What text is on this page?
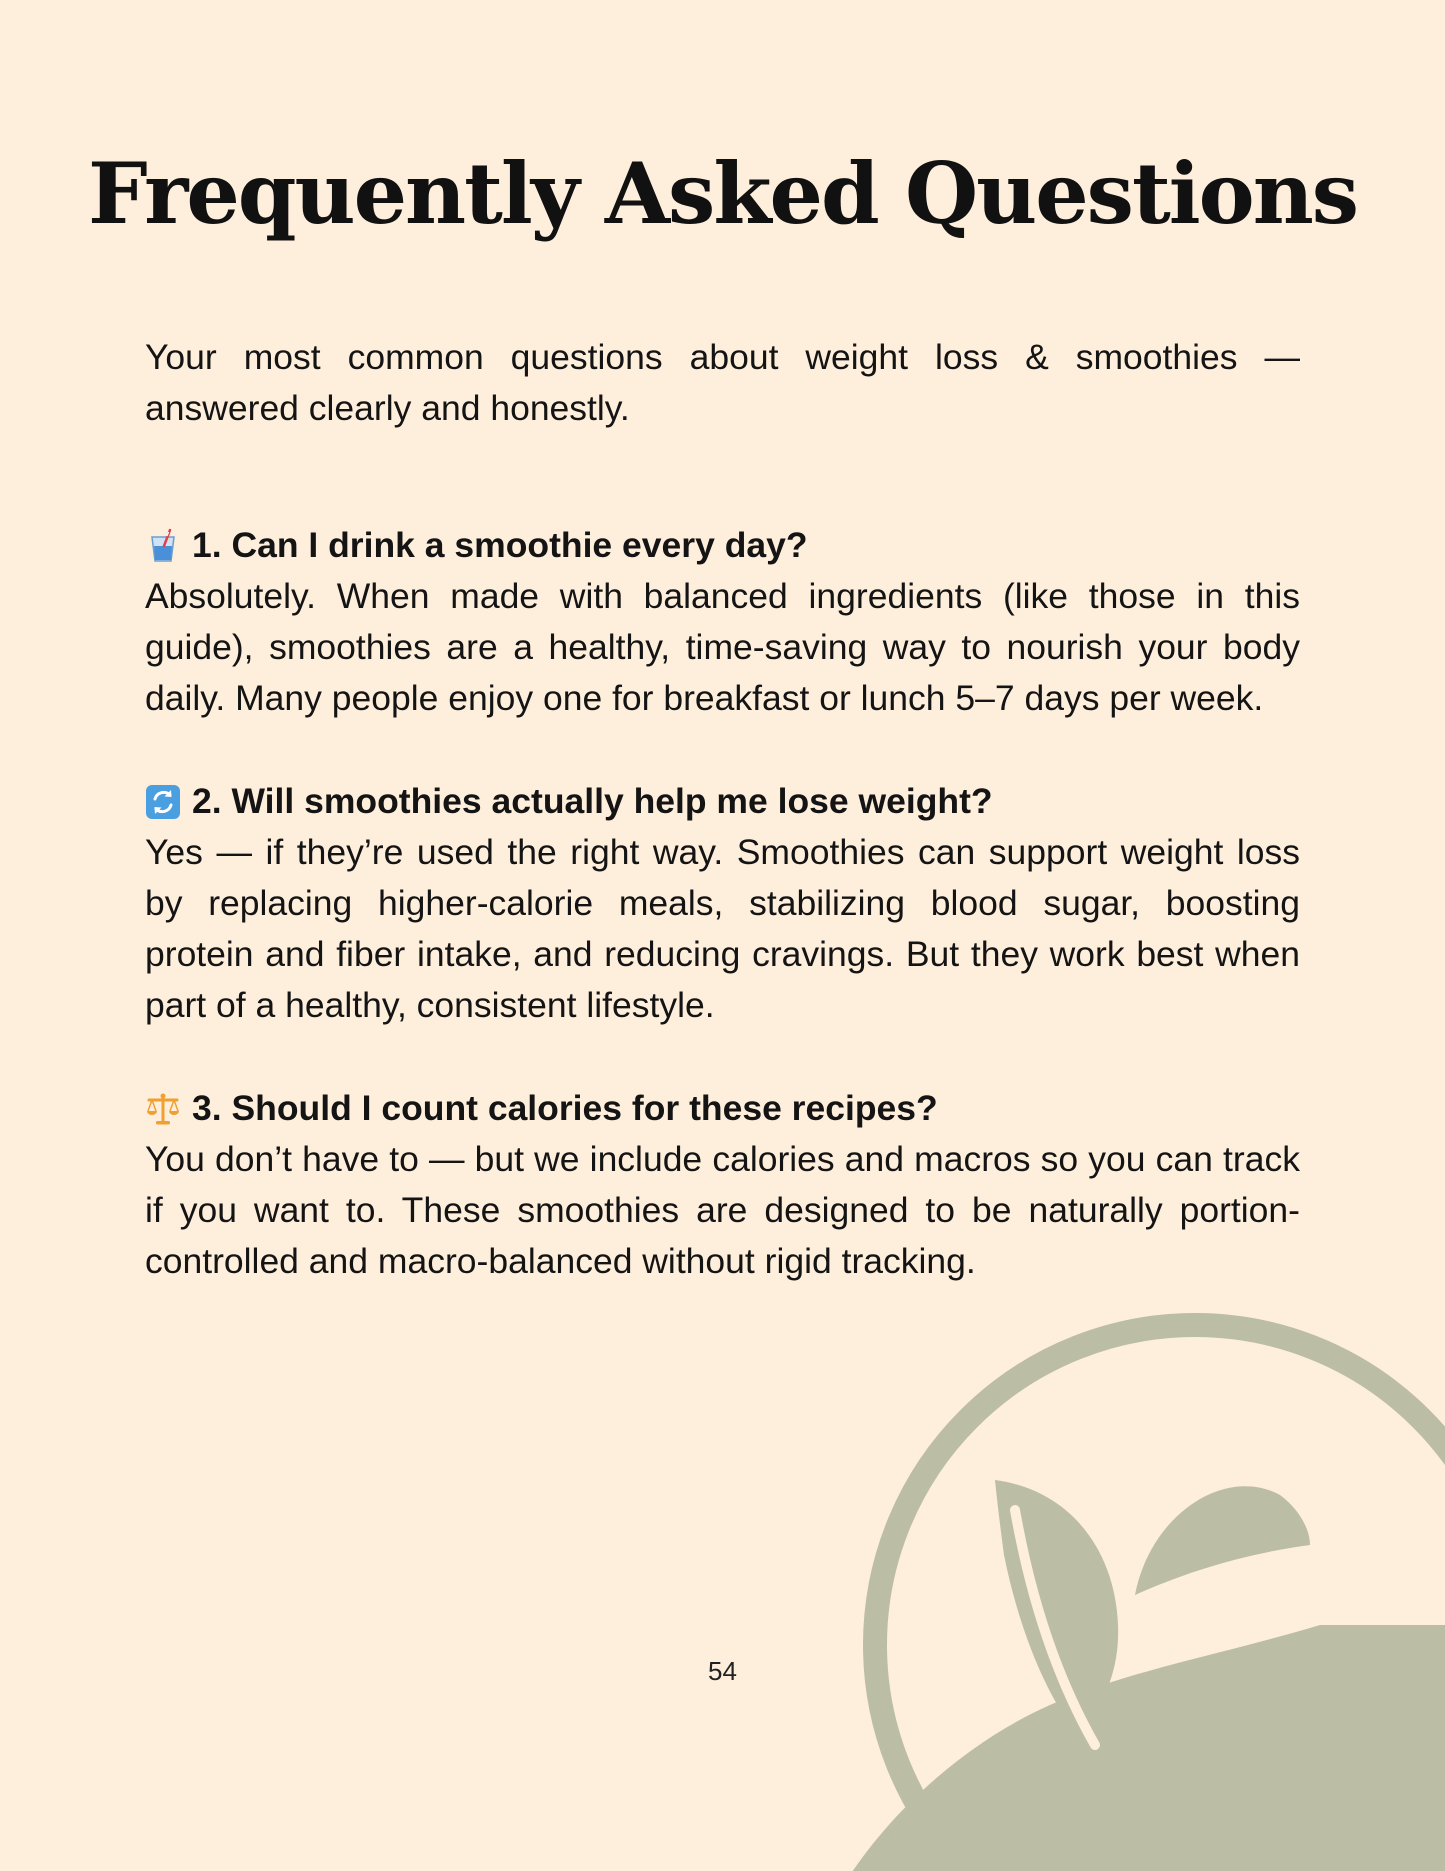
Frequently Asked Questions

Your most common questions about weight loss & smoothies — answered clearly and honestly.

1. Can I drink a smoothie every day?

Absolutely. When made with balanced ingredients (like those in this guide), smoothies are a healthy, time-saving way to nourish your body daily. Many people enjoy one for breakfast or lunch 5–7 days per week.

2. Will smoothies actually help me lose weight?

Yes — if they’re used the right way. Smoothies can support weight loss by replacing higher-calorie meals, stabilizing blood sugar, boosting protein and fiber intake, and reducing cravings. But they work best when part of a healthy, consistent lifestyle.

3. Should I count calories for these recipes?

You don’t have to — but we include calories and macros so you can track if you want to. These smoothies are designed to be naturally portion-controlled and macro-balanced without rigid tracking.

54
